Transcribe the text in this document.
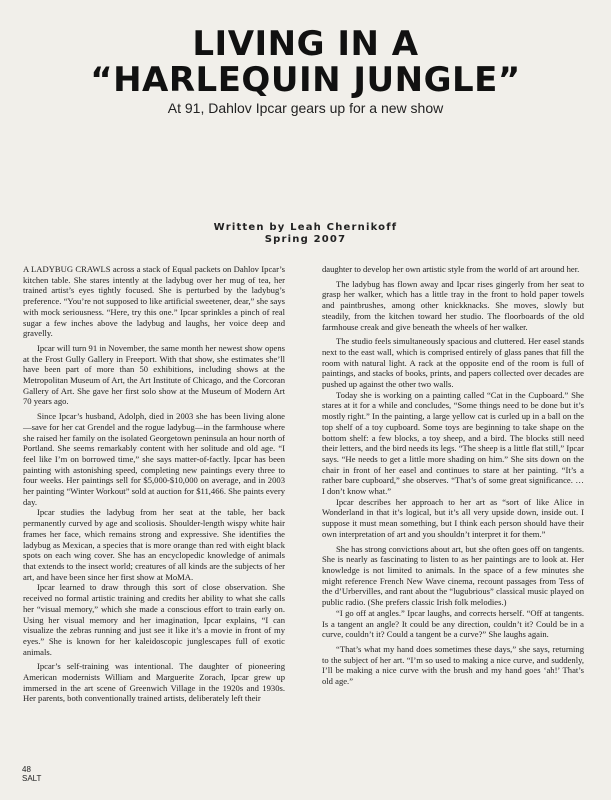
LIVING IN A
“HARLEQUIN JUNGLE”
At 91, Dahlov Ipcar gears up for a new show
Written by Leah Chernikoff
Spring 2007

A LADYBUG CRAWLS across a stack of Equal packets on Dahlov Ipcar’s kitchen table. She stares intently at the ladybug over her mug of tea, her trained artist’s eyes tightly focused. She is perturbed by the ladybug’s preference. “You’re not supposed to like artificial sweetener, dear,” she says with mock seriousness. “Here, try this one.” Ipcar sprinkles a pinch of real sugar a few inches above the ladybug and laughs, her voice deep and gravelly.

Ipcar will turn 91 in November, the same month her newest show opens at the Frost Gully Gallery in Freeport. With that show, she estimates she’ll have been part of more than 50 exhibitions, including shows at the Metropolitan Museum of Art, the Art Institute of Chicago, and the Corcoran Gallery of Art. She gave her first solo show at the Museum of Modern Art 70 years ago.

Since Ipcar’s husband, Adolph, died in 2003 she has been living alone—save for her cat Grendel and the rogue ladybug—in the farmhouse where she raised her family on the isolated Georgetown peninsula an hour north of Portland. She seems remarkably content with her solitude and old age. “I feel like I’m on borrowed time,” she says matter-of-factly. Ipcar has been painting with astonishing speed, completing new paintings every three to four weeks. Her paintings sell for $5,000-$10,000 on average, and in 2003 her painting “Winter Workout” sold at auction for $11,466. She paints every day.

Ipcar studies the ladybug from her seat at the table, her back permanently curved by age and scoliosis. Shoulder-length wispy white hair frames her face, which remains strong and expressive. She identifies the ladybug as Mexican, a species that is more orange than red with eight black spots on each wing cover. She has an encyclopedic knowledge of animals that extends to the insect world; creatures of all kinds are the subjects of her art, and have been since her first show at MoMA.

Ipcar learned to draw through this sort of close observation. She received no formal artistic training and credits her ability to what she calls her “visual memory,” which she made a conscious effort to train early on. Using her visual memory and her imagination, Ipcar explains, “I can visualize the zebras running and just see it like it’s a movie in front of my eyes.” She is known for her kaleidoscopic junglescapes full of exotic animals.

Ipcar’s self-training was intentional. The daughter of pioneering American modernists William and Marguerite Zorach, Ipcar grew up immersed in the art scene of Greenwich Village in the 1920s and 1930s. Her parents, both conventionally trained artists, deliberately left their

daughter to develop her own artistic style from the world of art around her.

The ladybug has flown away and Ipcar rises gingerly from her seat to grasp her walker, which has a little tray in the front to hold paper towels and paintbrushes, among other knickknacks. She moves, slowly but steadily, from the kitchen toward her studio. The floorboards of the old farmhouse creak and give beneath the wheels of her walker.

The studio feels simultaneously spacious and cluttered. Her easel stands next to the east wall, which is comprised entirely of glass panes that fill the room with natural light. A rack at the opposite end of the room is full of paintings, and stacks of books, prints, and papers collected over decades are pushed up against the other two walls.

Today she is working on a painting called “Cat in the Cupboard.” She stares at it for a while and concludes, “Some things need to be done but it’s mostly right.” In the painting, a large yellow cat is curled up in a ball on the top shelf of a toy cupboard. Some toys are beginning to take shape on the bottom shelf: a few blocks, a toy sheep, and a bird. The blocks still need their letters, and the bird needs its legs. “The sheep is a little flat still,” Ipcar says. “He needs to get a little more shading on him.” She sits down on the chair in front of her easel and continues to stare at her painting. “It’s a rather bare cupboard,” she observes. “That’s of some great significance. … I don’t know what.”

Ipcar describes her approach to her art as “sort of like Alice in Wonderland in that it’s logical, but it’s all very upside down, inside out. I suppose it must mean something, but I think each person should have their own interpretation of art and you shouldn’t interpret it for them.”

She has strong convictions about art, but she often goes off on tangents. She is nearly as fascinating to listen to as her paintings are to look at. Her knowledge is not limited to animals. In the space of a few minutes she might reference French New Wave cinema, recount passages from Tess of the d’Urbervilles, and rant about the “lugubrious” classical music played on public radio. (She prefers classic Irish folk melodies.)

“I go off at angles.” Ipcar laughs, and corrects herself. “Off at tangents. Is a tangent an angle? It could be any direction, couldn’t it? Could be in a curve, couldn’t it? Could a tangent be a curve?” She laughs again.

“That’s what my hand does sometimes these days,” she says, returning to the subject of her art. “I’m so used to making a nice curve, and suddenly, I’ll be making a nice curve with the brush and my hand goes ‘ah!’ That’s old age.”

48
SALT
